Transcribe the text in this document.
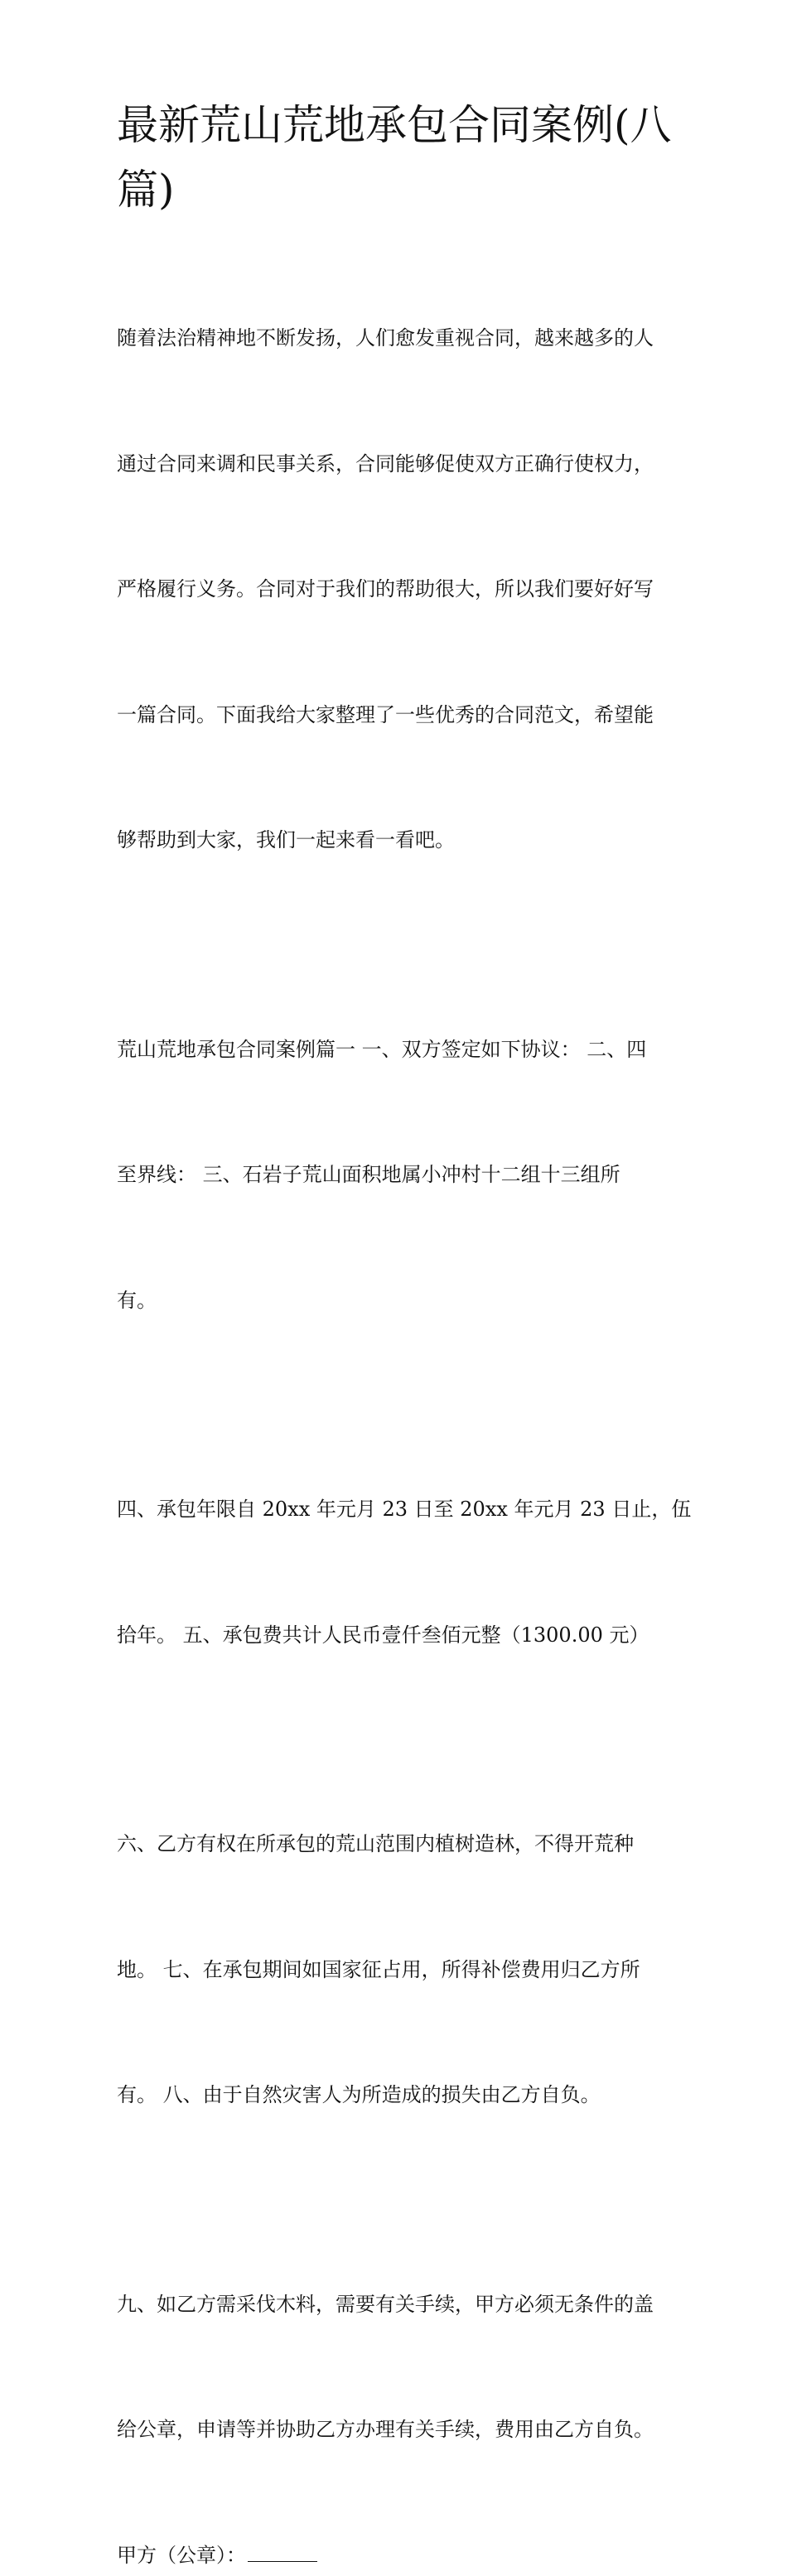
最新荒山荒地承包合同案例(八
篇)

随着法治精神地不断发扬，人们愈发重视合同，越来越多的人

通过合同来调和民事关系，合同能够促使双方正确行使权力，

严格履行义务。合同对于我们的帮助很大，所以我们要好好写

一篇合同。下面我给大家整理了一些优秀的合同范文，希望能

够帮助到大家，我们一起来看一看吧。

荒山荒地承包合同案例篇一 一、双方签定如下协议： 二、四

至界线： 三、石岩子荒山面积地属小冲村十二组十三组所

有。

四、承包年限自 20xx 年元月 23 日至 20xx 年元月 23 日止，伍

拾年。 五、承包费共计人民币壹仟叁佰元整（1300.00 元）

六、乙方有权在所承包的荒山范围内植树造林，不得开荒种

地。 七、在承包期间如国家征占用，所得补偿费用归乙方所

有。 八、由于自然灾害人为所造成的损失由乙方自负。

九、如乙方需采伐木料，需要有关手续，甲方必须无条件的盖

给公章，申请等并协助乙方办理有关手续，费用由乙方自负。

甲方（公章）：
